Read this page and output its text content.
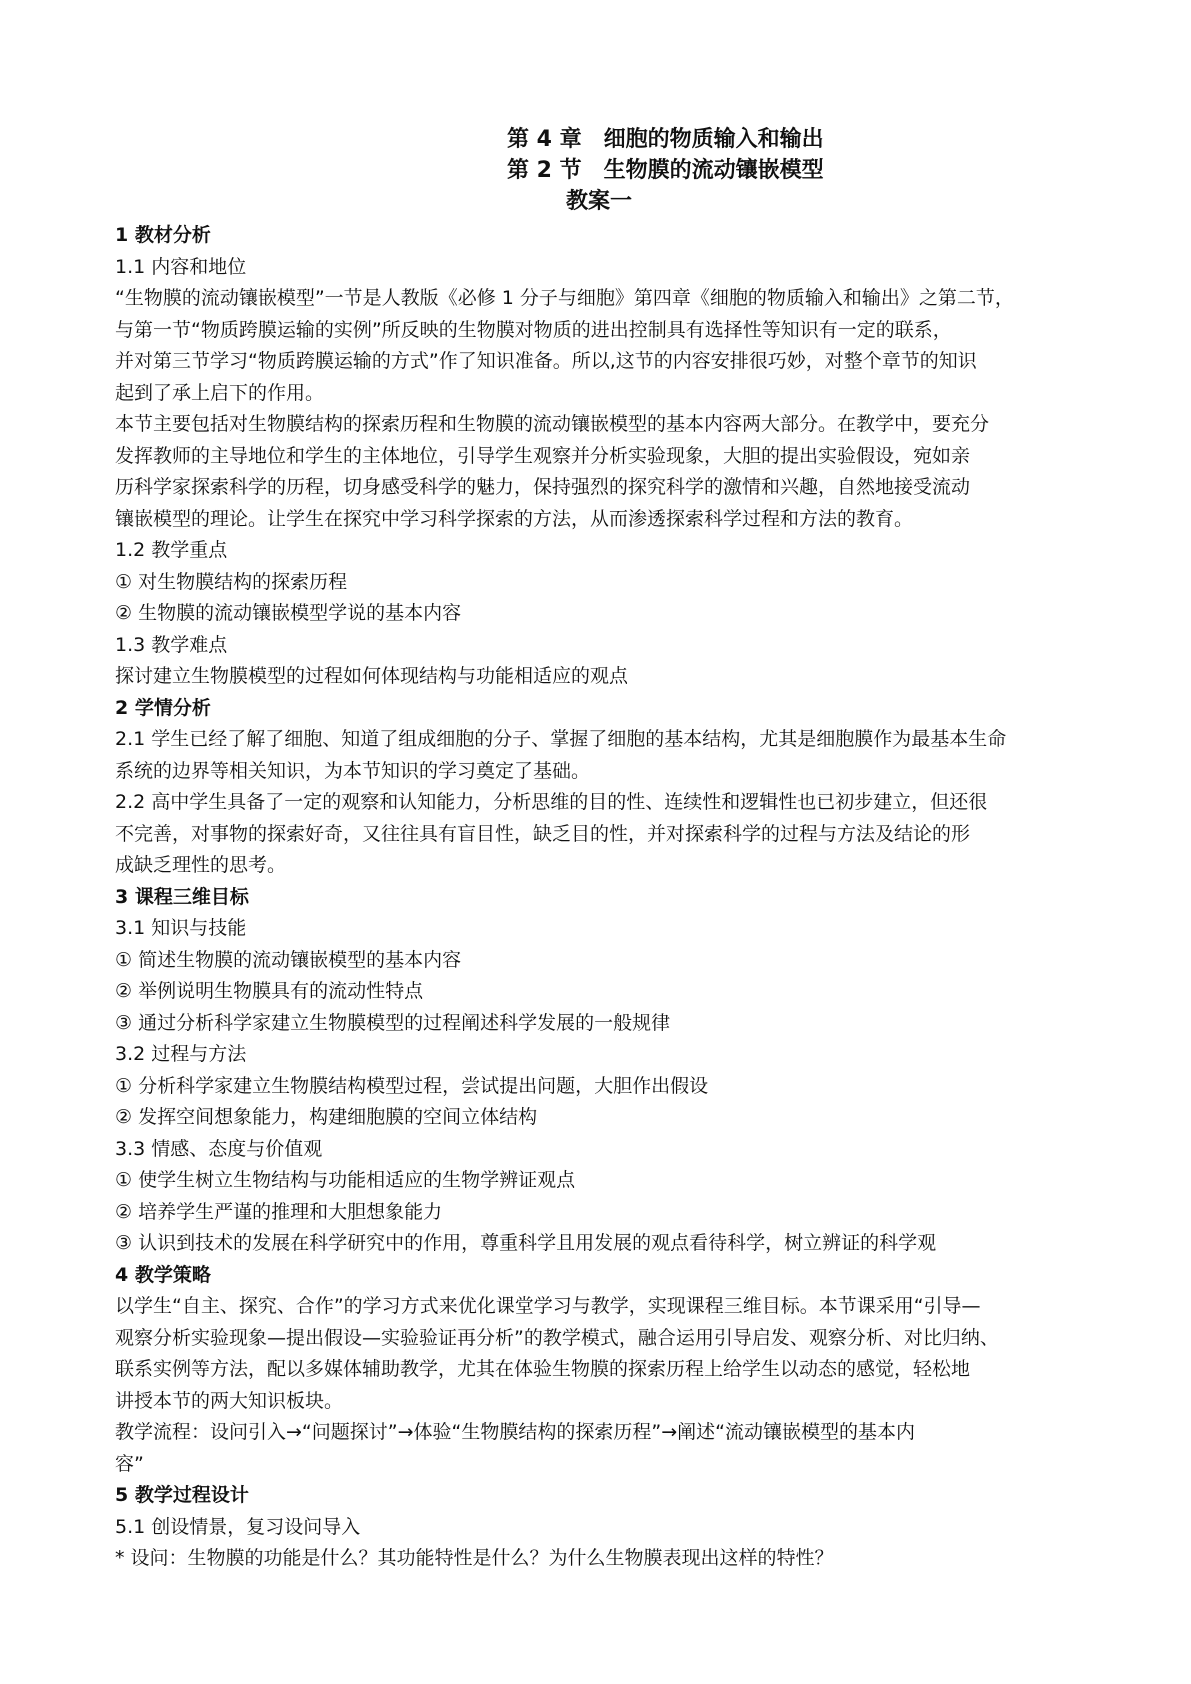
第 4 章　细胞的物质输入和输出
第 2 节　生物膜的流动镶嵌模型
教案一
1 教材分析
1.1 内容和地位
“生物膜的流动镶嵌模型”一节是人教版《必修 1 分子与细胞》第四章《细胞的物质输入和输出》之第二节，
与第一节“物质跨膜运输的实例”所反映的生物膜对物质的进出控制具有选择性等知识有一定的联系，
并对第三节学习“物质跨膜运输的方式”作了知识准备。所以,这节的内容安排很巧妙，对整个章节的知识
起到了承上启下的作用。
本节主要包括对生物膜结构的探索历程和生物膜的流动镶嵌模型的基本内容两大部分。在教学中，要充分
发挥教师的主导地位和学生的主体地位，引导学生观察并分析实验现象，大胆的提出实验假设，宛如亲
历科学家探索科学的历程，切身感受科学的魅力，保持强烈的探究科学的激情和兴趣，自然地接受流动
镶嵌模型的理论。让学生在探究中学习科学探索的方法，从而渗透探索科学过程和方法的教育。
1.2 教学重点
① 对生物膜结构的探索历程
② 生物膜的流动镶嵌模型学说的基本内容
1.3 教学难点
探讨建立生物膜模型的过程如何体现结构与功能相适应的观点
2 学情分析
2.1 学生已经了解了细胞、知道了组成细胞的分子、掌握了细胞的基本结构，尤其是细胞膜作为最基本生命
系统的边界等相关知识，为本节知识的学习奠定了基础。
2.2 高中学生具备了一定的观察和认知能力，分析思维的目的性、连续性和逻辑性也已初步建立，但还很
不完善，对事物的探索好奇，又往往具有盲目性，缺乏目的性，并对探索科学的过程与方法及结论的形
成缺乏理性的思考。
3 课程三维目标
3.1 知识与技能
① 简述生物膜的流动镶嵌模型的基本内容
② 举例说明生物膜具有的流动性特点
③ 通过分析科学家建立生物膜模型的过程阐述科学发展的一般规律
3.2 过程与方法
① 分析科学家建立生物膜结构模型过程，尝试提出问题，大胆作出假设
② 发挥空间想象能力，构建细胞膜的空间立体结构
3.3 情感、态度与价值观
① 使学生树立生物结构与功能相适应的生物学辨证观点
② 培养学生严谨的推理和大胆想象能力
③ 认识到技术的发展在科学研究中的作用，尊重科学且用发展的观点看待科学，树立辨证的科学观
4 教学策略
以学生“自主、探究、合作”的学习方式来优化课堂学习与教学，实现课程三维目标。本节课采用“引导—
观察分析实验现象—提出假设—实验验证再分析”的教学模式，融合运用引导启发、观察分析、对比归纳、
联系实例等方法，配以多媒体辅助教学，尤其在体验生物膜的探索历程上给学生以动态的感觉，轻松地
讲授本节的两大知识板块。
教学流程：设问引入→“问题探讨”→体验“生物膜结构的探索历程”→阐述“流动镶嵌模型的基本内
容”
5 教学过程设计
5.1 创设情景，复习设问导入
* 设问：生物膜的功能是什么？其功能特性是什么？为什么生物膜表现出这样的特性？
